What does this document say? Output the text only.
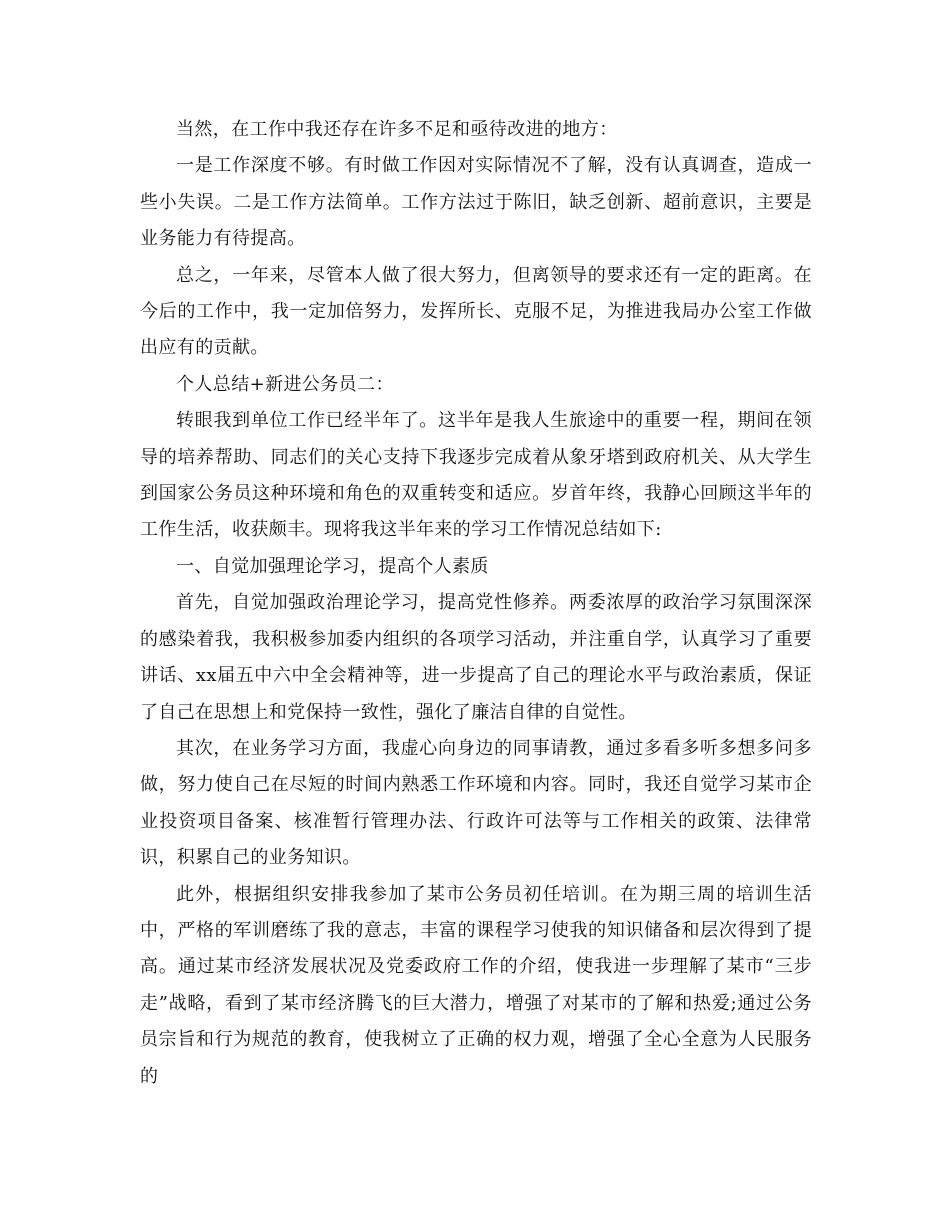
当然，在工作中我还存在许多不足和亟待改进的地方：

一是工作深度不够。有时做工作因对实际情况不了解，没有认真调查，造成一些小失误。二是工作方法简单。工作方法过于陈旧，缺乏创新、超前意识，主要是业务能力有待提高。

总之，一年来，尽管本人做了很大努力，但离领导的要求还有一定的距离。在今后的工作中，我一定加倍努力，发挥所长、克服不足，为推进我局办公室工作做出应有的贡献。

个人总结+新进公务员二：

转眼我到单位工作已经半年了。这半年是我人生旅途中的重要一程，期间在领导的培养帮助、同志们的关心支持下我逐步完成着从象牙塔到政府机关、从大学生到国家公务员这种环境和角色的双重转变和适应。岁首年终，我静心回顾这半年的工作生活，收获颇丰。现将我这半年来的学习工作情况总结如下:

一、自觉加强理论学习，提高个人素质

首先，自觉加强政治理论学习，提高党性修养。两委浓厚的政治学习氛围深深的感染着我，我积极参加委内组织的各项学习活动，并注重自学，认真学习了重要讲话、xx届五中六中全会精神等，进一步提高了自己的理论水平与政治素质，保证了自己在思想上和党保持一致性，强化了廉洁自律的自觉性。

其次，在业务学习方面，我虚心向身边的同事请教，通过多看多听多想多问多做，努力使自己在尽短的时间内熟悉工作环境和内容。同时，我还自觉学习某市企业投资项目备案、核准暂行管理办法、行政许可法等与工作相关的政策、法律常识，积累自己的业务知识。

此外，根据组织安排我参加了某市公务员初任培训。在为期三周的培训生活中，严格的军训磨练了我的意志，丰富的课程学习使我的知识储备和层次得到了提高。通过某市经济发展状况及党委政府工作的介绍，使我进一步理解了某市“三步走”战略，看到了某市经济腾飞的巨大潜力，增强了对某市的了解和热爱;通过公务员宗旨和行为规范的教育，使我树立了正确的权力观，增强了全心全意为人民服务的
